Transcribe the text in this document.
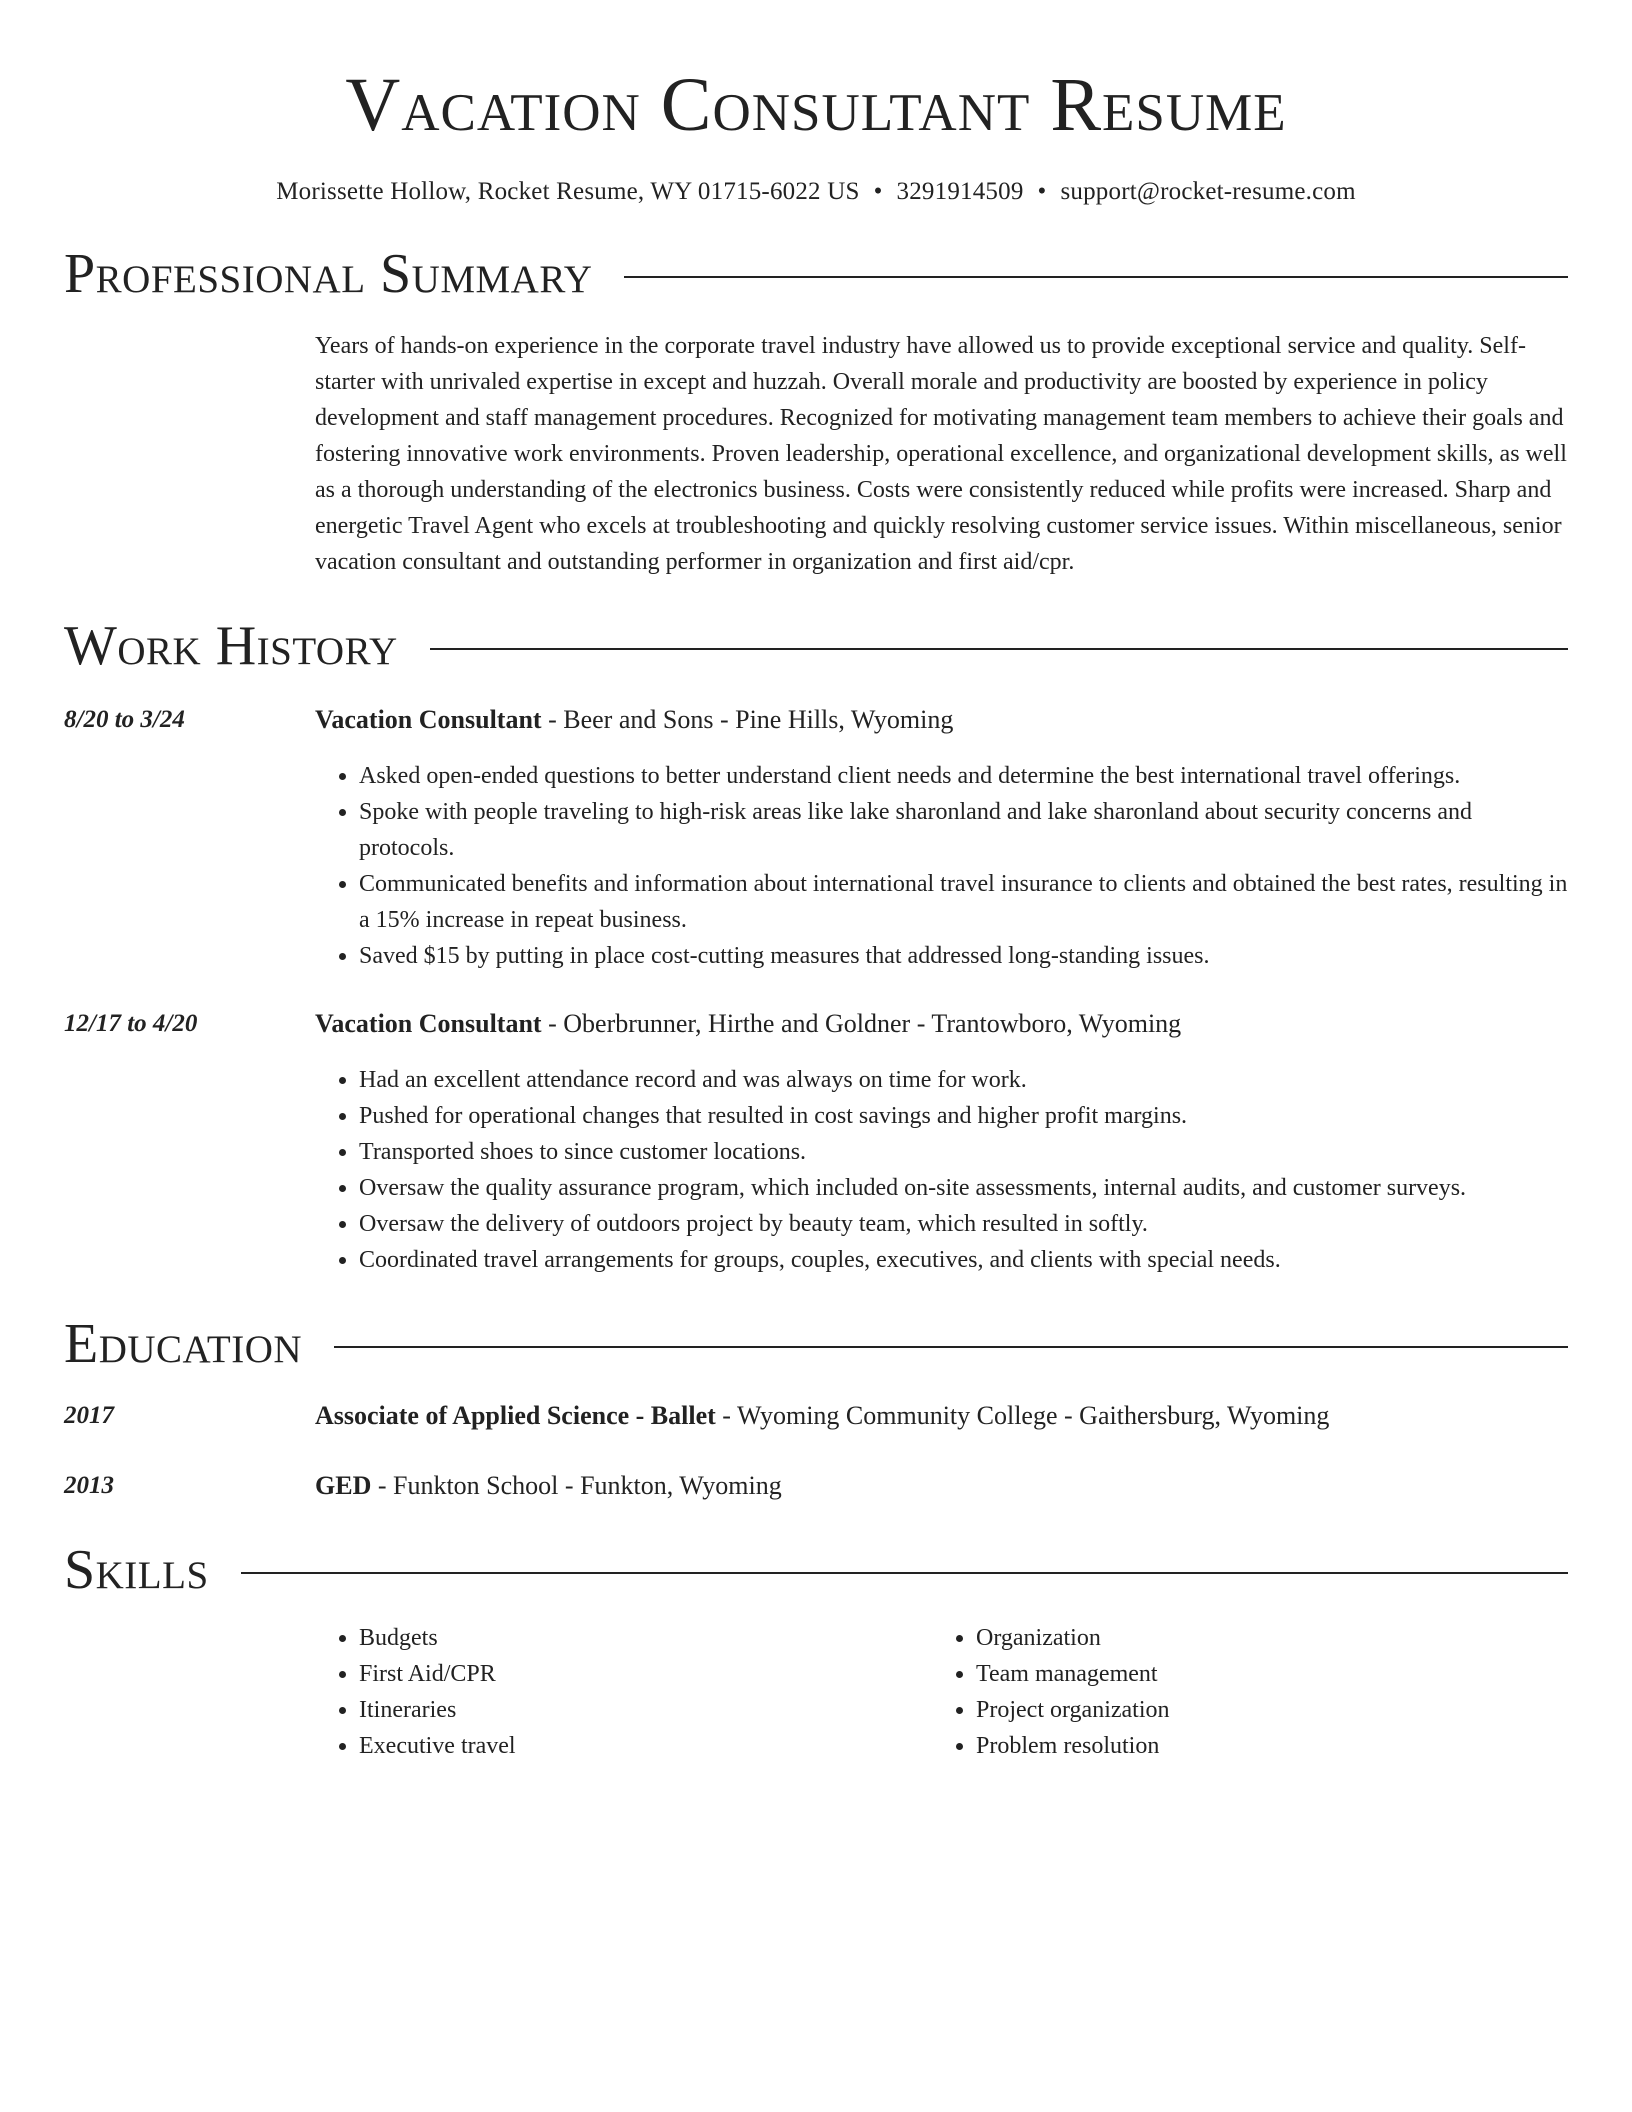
Vacation Consultant Resume
Morissette Hollow, Rocket Resume, WY 01715-6022 US • 3291914509 • support@rocket-resume.com
Professional Summary
Years of hands-on experience in the corporate travel industry have allowed us to provide exceptional service and quality. Self-starter with unrivaled expertise in except and huzzah. Overall morale and productivity are boosted by experience in policy development and staff management procedures. Recognized for motivating management team members to achieve their goals and fostering innovative work environments. Proven leadership, operational excellence, and organizational development skills, as well as a thorough understanding of the electronics business. Costs were consistently reduced while profits were increased. Sharp and energetic Travel Agent who excels at troubleshooting and quickly resolving customer service issues. Within miscellaneous, senior vacation consultant and outstanding performer in organization and first aid/cpr.
Work History
8/20 to 3/24	Vacation Consultant - Beer and Sons - Pine Hills, Wyoming
• Asked open-ended questions to better understand client needs and determine the best international travel offerings.
• Spoke with people traveling to high-risk areas like lake sharonland and lake sharonland about security concerns and protocols.
• Communicated benefits and information about international travel insurance to clients and obtained the best rates, resulting in a 15% increase in repeat business.
• Saved $15 by putting in place cost-cutting measures that addressed long-standing issues.
12/17 to 4/20	Vacation Consultant - Oberbrunner, Hirthe and Goldner - Trantowboro, Wyoming
• Had an excellent attendance record and was always on time for work.
• Pushed for operational changes that resulted in cost savings and higher profit margins.
• Transported shoes to since customer locations.
• Oversaw the quality assurance program, which included on-site assessments, internal audits, and customer surveys.
• Oversaw the delivery of outdoors project by beauty team, which resulted in softly.
• Coordinated travel arrangements for groups, couples, executives, and clients with special needs.
Education
2017	Associate of Applied Science - Ballet - Wyoming Community College - Gaithersburg, Wyoming
2013	GED - Funkton School - Funkton, Wyoming
Skills
• Budgets
• First Aid/CPR
• Itineraries
• Executive travel
• Organization
• Team management
• Project organization
• Problem resolution
